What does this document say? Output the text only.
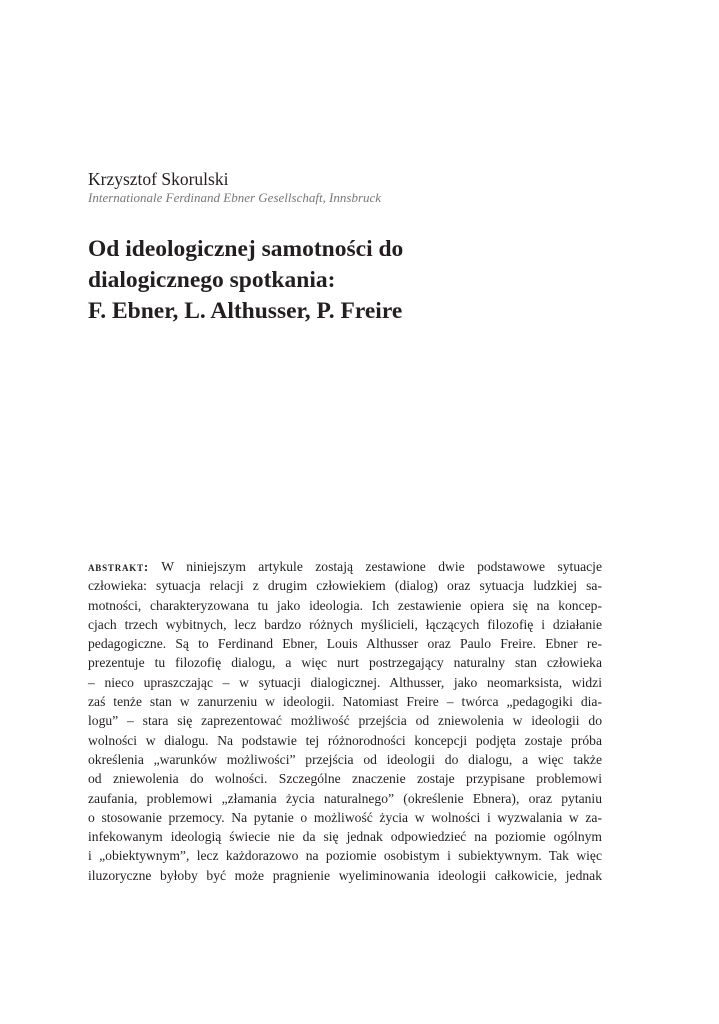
Krzysztof Skorulski

Internationale Ferdinand Ebner Gesellschaft, Innsbruck

Od ideologicznej samotności do
dialogicznego spotkania:
F. Ebner, L. Althusser, P. Freire
abstrakt: W niniejszym artykule zostają zestawione dwie podstawowe sytuacje
człowieka: sytuacja relacji z drugim człowiekiem (dialog) oraz sytuacja ludzkiej sa-
motności, charakteryzowana tu jako ideologia. Ich zestawienie opiera się na koncep-
cjach trzech wybitnych, lecz bardzo różnych myślicieli, łączących filozofię i działanie
pedagogiczne. Są to Ferdinand Ebner, Louis Althusser oraz Paulo Freire. Ebner re-
prezentuje tu filozofię dialogu, a więc nurt postrzegający naturalny stan człowieka
– nieco upraszczając – w sytuacji dialogicznej. Althusser, jako neomarksista, widzi
zaś tenże stan w zanurzeniu w ideologii. Natomiast Freire – twórca „pedagogiki dia-
logu” – stara się zaprezentować możliwość przejścia od zniewolenia w ideologii do
wolności w dialogu. Na podstawie tej różnorodności koncepcji podjęta zostaje próba
określenia „warunków możliwości” przejścia od ideologii do dialogu, a więc także
od zniewolenia do wolności. Szczególne znaczenie zostaje przypisane problemowi
zaufania, problemowi „złamania życia naturalnego” (określenie Ebnera), oraz pytaniu
o stosowanie przemocy. Na pytanie o możliwość życia w wolności i wyzwalania w za-
infekowanym ideologią świecie nie da się jednak odpowiedzieć na poziomie ogólnym
i „obiektywnym”, lecz każdorazowo na poziomie osobistym i subiektywnym. Tak więc
iluzoryczne byłoby być może pragnienie wyeliminowania ideologii całkowicie, jednak
